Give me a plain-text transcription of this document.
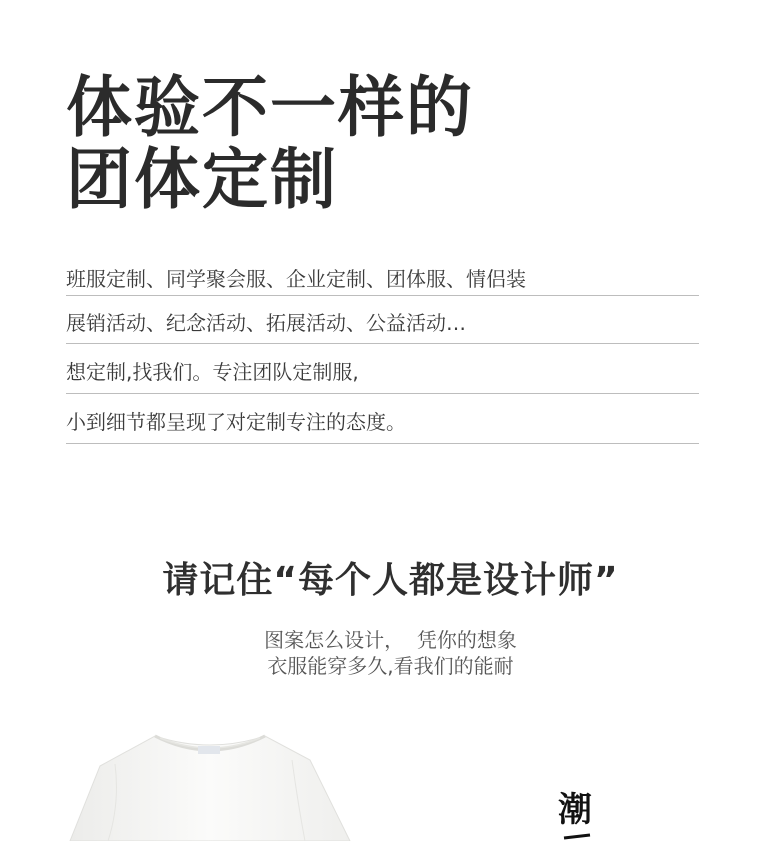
体验不一样的
团体定制
班服定制、同学聚会服、企业定制、团体服、情侣装
展销活动、纪念活动、拓展活动、公益活动…
想定制,找我们。专注团队定制服,
小到细节都呈现了对定制专注的态度。
请记住“每个人都是设计师”
图案怎么设计，  凭你的想象
衣服能穿多久,看我们的能耐
潮
